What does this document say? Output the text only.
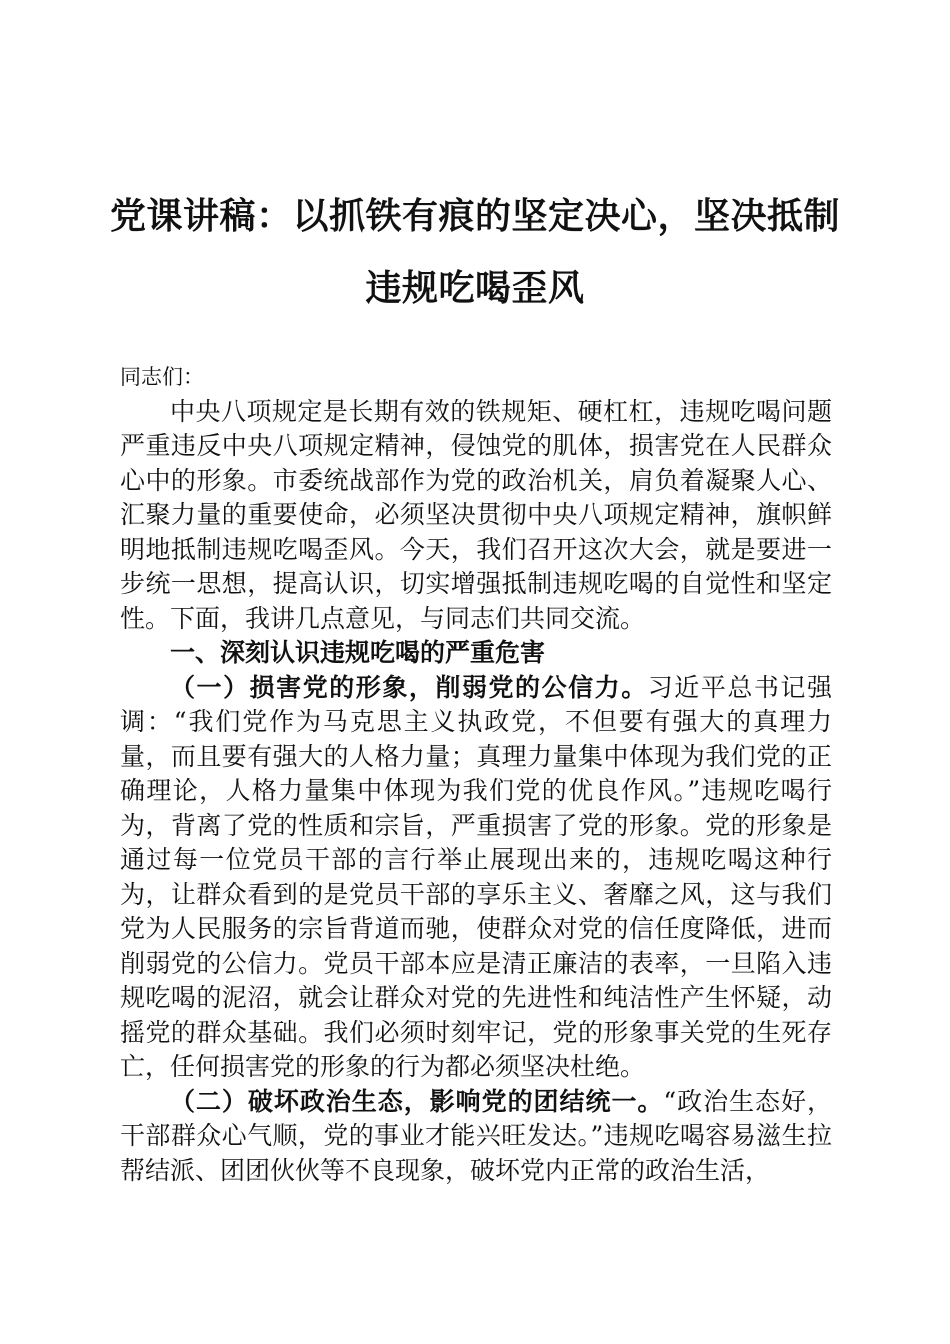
党课讲稿：以抓铁有痕的坚定决心，坚决抵制
违规吃喝歪风

同志们：

中央八项规定是长期有效的铁规矩、硬杠杠，违规吃喝问题严重违反中央八项规定精神，侵蚀党的肌体，损害党在人民群众心中的形象。市委统战部作为党的政治机关，肩负着凝聚人心、汇聚力量的重要使命，必须坚决贯彻中央八项规定精神，旗帜鲜明地抵制违规吃喝歪风。今天，我们召开这次大会，就是要进一步统一思想，提高认识，切实增强抵制违规吃喝的自觉性和坚定性。下面，我讲几点意见，与同志们共同交流。

一、深刻认识违规吃喝的严重危害

（一）损害党的形象，削弱党的公信力。习近平总书记强调：“我们党作为马克思主义执政党，不但要有强大的真理力量，而且要有强大的人格力量；真理力量集中体现为我们党的正确理论，人格力量集中体现为我们党的优良作风。”违规吃喝行为，背离了党的性质和宗旨，严重损害了党的形象。党的形象是通过每一位党员干部的言行举止展现出来的，违规吃喝这种行为，让群众看到的是党员干部的享乐主义、奢靡之风，这与我们党为人民服务的宗旨背道而驰，使群众对党的信任度降低，进而削弱党的公信力。党员干部本应是清正廉洁的表率，一旦陷入违规吃喝的泥沼，就会让群众对党的先进性和纯洁性产生怀疑，动摇党的群众基础。我们必须时刻牢记，党的形象事关党的生死存亡，任何损害党的形象的行为都必须坚决杜绝。

（二）破坏政治生态，影响党的团结统一。“政治生态好，干部群众心气顺，党的事业才能兴旺发达。”违规吃喝容易滋生拉帮结派、团团伙伙等不良现象，破坏党内正常的政治生活，
